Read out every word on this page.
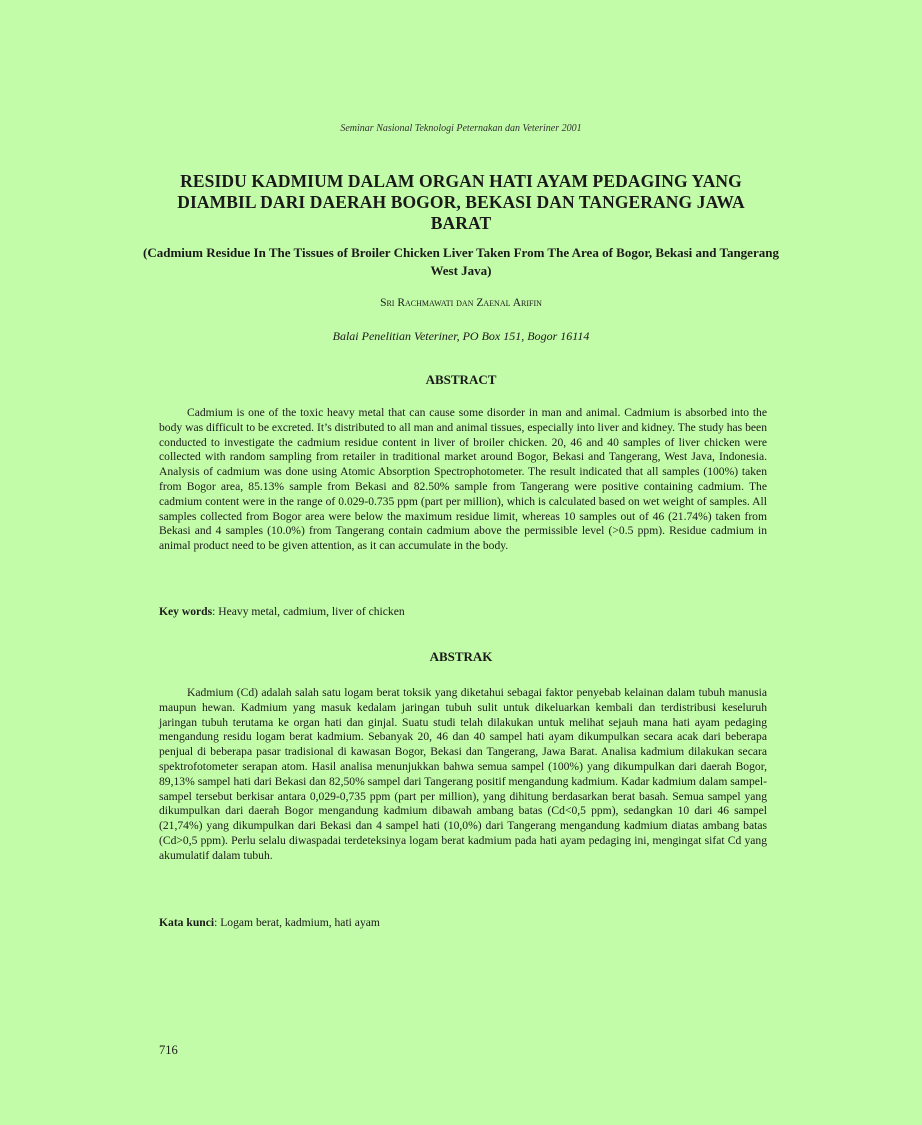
Seminar Nasional Teknologi Peternakan dan Veteriner 2001
RESIDU KADMIUM DALAM ORGAN HATI AYAM PEDAGING YANG DIAMBIL DARI DAERAH BOGOR, BEKASI DAN TANGERANG JAWA BARAT
(Cadmium Residue In The Tissues of Broiler Chicken Liver Taken From The Area of Bogor, Bekasi and Tangerang West Java)
Sri Rachmawati dan Zaenal Arifin
Balai Penelitian Veteriner, PO Box 151, Bogor 16114
ABSTRACT

Cadmium is one of the toxic heavy metal that can cause some disorder in man and animal. Cadmium is absorbed into the body was difficult to be excreted. It’s distributed to all man and animal tissues, especially into liver and kidney. The study has been conducted to investigate the cadmium residue content in liver of broiler chicken. 20, 46 and 40 samples of liver chicken were collected with random sampling from retailer in traditional market around Bogor, Bekasi and Tangerang, West Java, Indonesia. Analysis of cadmium was done using Atomic Absorption Spectrophotometer. The result indicated that all samples (100%) taken from Bogor area, 85.13% sample from Bekasi and 82.50% sample from Tangerang were positive containing cadmium. The cadmium content were in the range of 0.029-0.735 ppm (part per million), which is calculated based on wet weight of samples. All samples collected from Bogor area were below the maximum residue limit, whereas 10 samples out of 46 (21.74%) taken from Bekasi and 4 samples (10.0%) from Tangerang contain cadmium above the permissible level (>0.5 ppm). Residue cadmium in animal product need to be given attention, as it can accumulate in the body.

Key words: Heavy metal, cadmium, liver of chicken
ABSTRAK

Kadmium (Cd) adalah salah satu logam berat toksik yang diketahui sebagai faktor penyebab kelainan dalam tubuh manusia maupun hewan. Kadmium yang masuk kedalam jaringan tubuh sulit untuk dikeluarkan kembali dan terdistribusi keseluruh jaringan tubuh terutama ke organ hati dan ginjal. Suatu studi telah dilakukan untuk melihat sejauh mana hati ayam pedaging mengandung residu logam berat kadmium. Sebanyak 20, 46 dan 40 sampel hati ayam dikumpulkan secara acak dari beberapa penjual di beberapa pasar tradisional di kawasan Bogor, Bekasi dan Tangerang, Jawa Barat. Analisa kadmium dilakukan secara spektrofotometer serapan atom. Hasil analisa menunjukkan bahwa semua sampel (100%) yang dikumpulkan dari daerah Bogor, 89,13% sampel hati dari Bekasi dan 82,50% sampel dari Tangerang positif mengandung kadmium. Kadar kadmium dalam sampel-sampel tersebut berkisar antara 0,029-0,735 ppm (part per million), yang dihitung berdasarkan berat basah. Semua sampel yang dikumpulkan dari daerah Bogor mengandung kadmium dibawah ambang batas (Cd<0,5 ppm), sedangkan 10 dari 46 sampel (21,74%) yang dikumpulkan dari Bekasi dan 4 sampel hati (10,0%) dari Tangerang mengandung kadmium diatas ambang batas (Cd>0,5 ppm). Perlu selalu diwaspadai terdeteksinya logam berat kadmium pada hati ayam pedaging ini, mengingat sifat Cd yang akumulatif dalam tubuh.

Kata kunci: Logam berat, kadmium, hati ayam
716
